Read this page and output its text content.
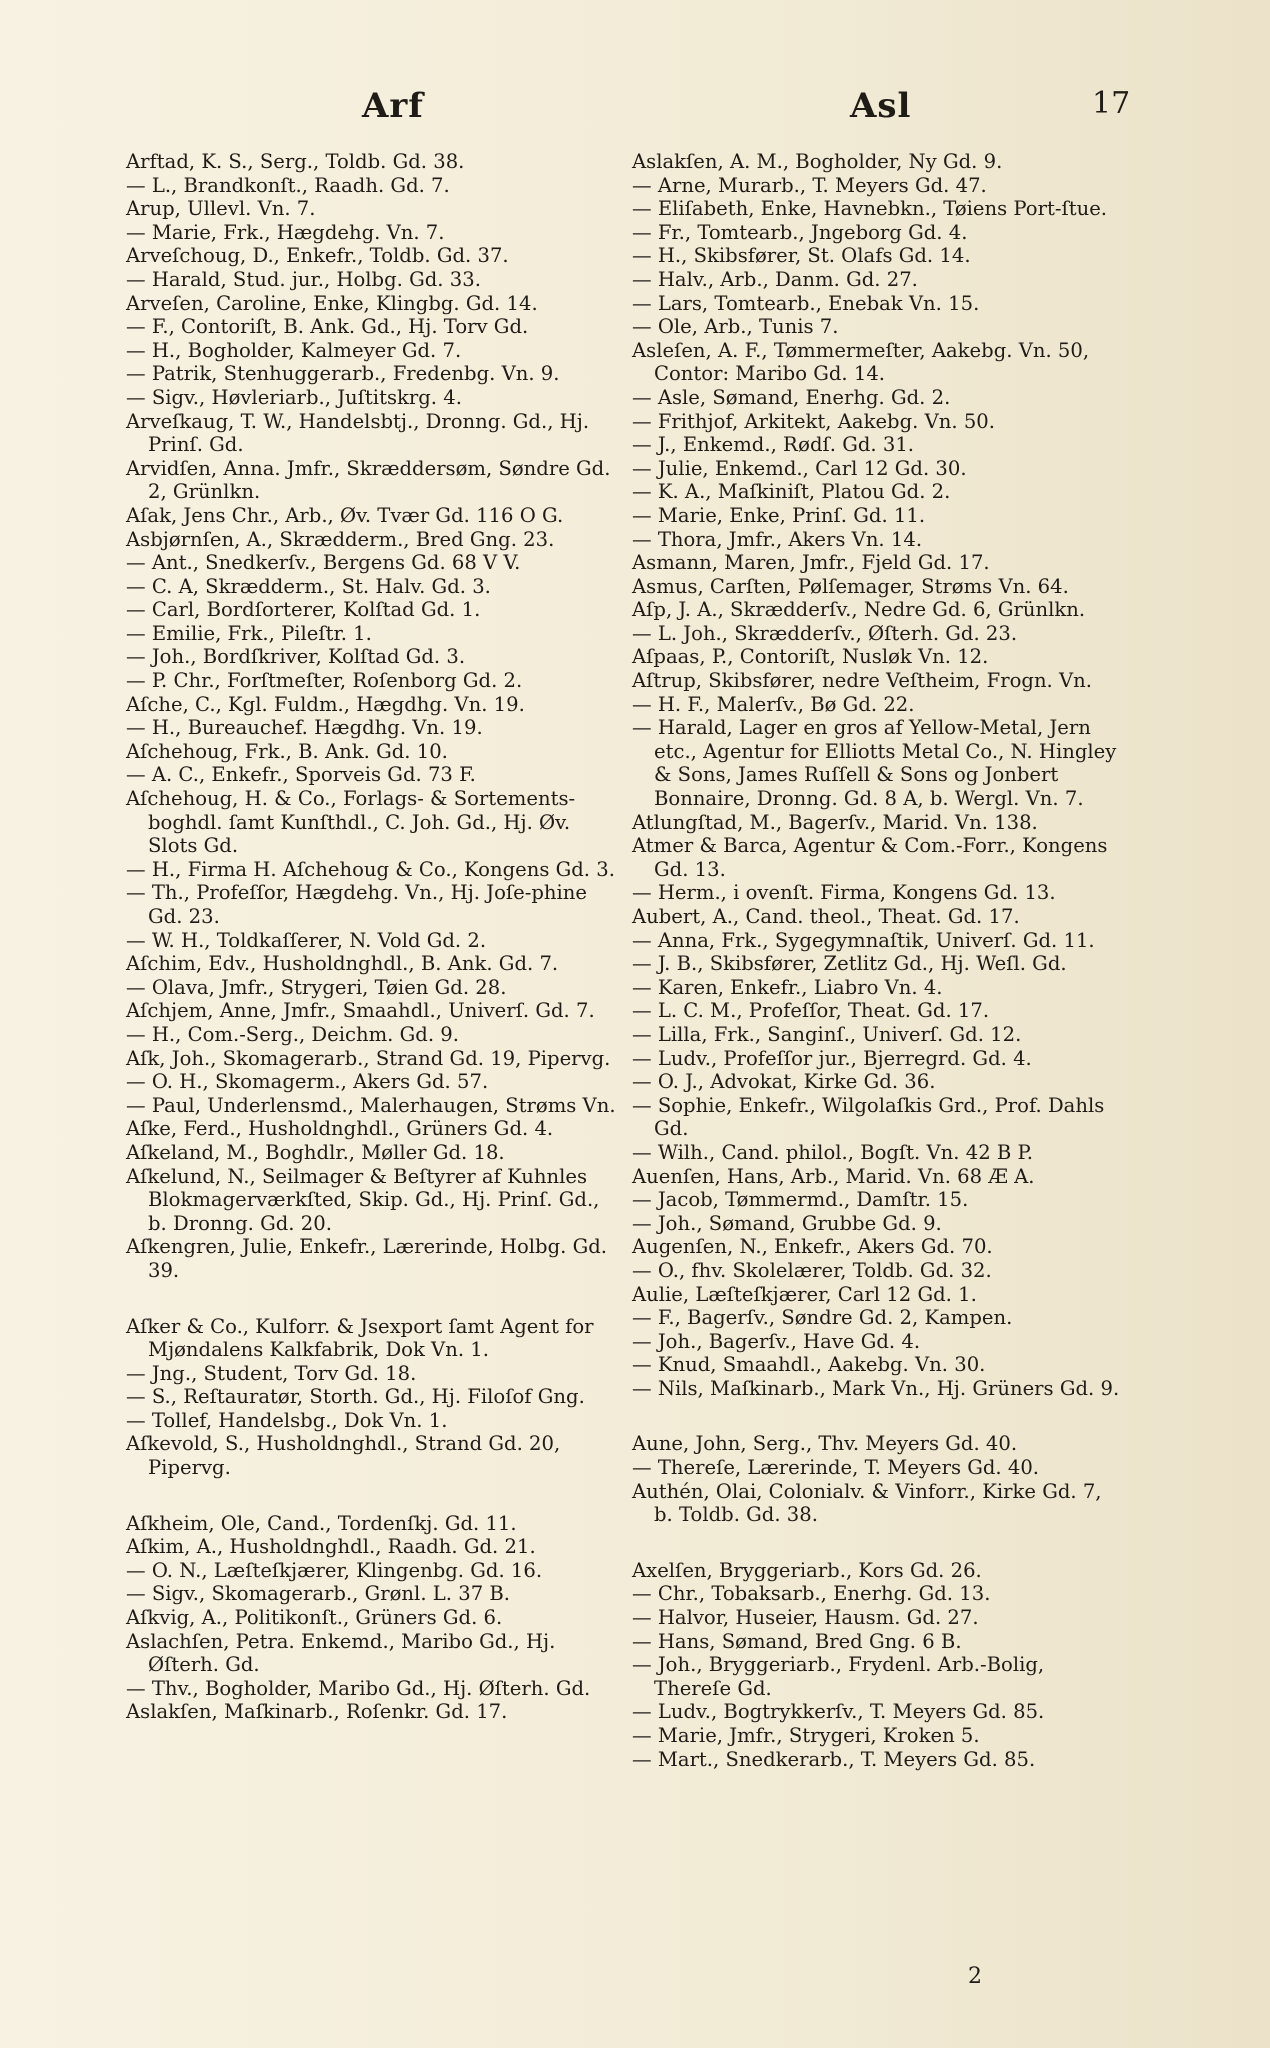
Arf	Asl	17
Arftad, K. S., Serg., Toldb. Gd. 38.
— L., Brandkonſt., Raadh. Gd. 7.
Arup, Ullevl. Vn. 7.
— Marie, Frk., Hægdehg. Vn. 7.
Arveſchoug, D., Enkefr., Toldb. Gd. 37.
— Harald, Stud. jur., Holbg. Gd. 33.
Arveſen, Caroline, Enke, Klingbg. Gd. 14.
— F., Contoriſt, B. Ank. Gd., Hj. Torv Gd.
— H., Bogholder, Kalmeyer Gd. 7.
— Patrik, Stenhuggerarb., Fredenbg. Vn. 9.
— Sigv., Høvleriarb., Juſtitskrg. 4.
Arveſkaug, T. W., Handelsbtj., Dronng. Gd., Hj. Prinſ. Gd.
Arvidſen, Anna. Jmfr., Skræddersøm, Søndre Gd. 2, Grünlkn.
Aſak, Jens Chr., Arb., Øv. Tvær Gd. 116 O G.
Asbjørnſen, A., Skrædderm., Bred Gng. 23.
— Ant., Snedkerſv., Bergens Gd. 68 V V.
— C. A, Skrædderm., St. Halv. Gd. 3.
— Carl, Bordſorterer, Kolſtad Gd. 1.
— Emilie, Frk., Pileſtr. 1.
— Joh., Bordſkriver, Kolſtad Gd. 3.
— P. Chr., Forſtmeſter, Roſenborg Gd. 2.
Aſche, C., Kgl. Fuldm., Hægdhg. Vn. 19.
— H., Bureauchef. Hægdhg. Vn. 19.
Aſchehoug, Frk., B. Ank. Gd. 10.
— A. C., Enkefr., Sporveis Gd. 73 F.
Aſchehoug, H. & Co., Forlags- & Sortements-boghdl. ſamt Kunſthdl., C. Joh. Gd., Hj. Øv. Slots Gd.
— H., Firma H. Aſchehoug & Co., Kongens Gd. 3.
— Th., Profeſſor, Hægdehg. Vn., Hj. Joſe-phine Gd. 23.
— W. H., Toldkaſſerer, N. Vold Gd. 2.
Aſchim, Edv., Husholdnghdl., B. Ank. Gd. 7.
— Olava, Jmfr., Strygeri, Tøien Gd. 28.
Aſchjem, Anne, Jmfr., Smaahdl., Univerſ. Gd. 7.
— H., Com.-Serg., Deichm. Gd. 9.
Aſk, Joh., Skomagerarb., Strand Gd. 19, Pipervg.
— O. H., Skomagerm., Akers Gd. 57.
— Paul, Underlensmd., Malerhaugen, Strøms Vn.
Aſke, Ferd., Husholdnghdl., Grüners Gd. 4.
Aſkeland, M., Boghdlr., Møller Gd. 18.
Aſkelund, N., Seilmager & Beſtyrer af Kuhnles Blokmagerværkſted, Skip. Gd., Hj. Prinſ. Gd., b. Dronng. Gd. 20.
Aſkengren, Julie, Enkefr., Lærerinde, Holbg. Gd. 39.
Aſker & Co., Kulforr. & Jsexport ſamt Agent for Mjøndalens Kalkfabrik, Dok Vn. 1.
— Jng., Student, Torv Gd. 18.
— S., Reſtauratør, Storth. Gd., Hj. Filoſof Gng.
— Tollef, Handelsbg., Dok Vn. 1.
Aſkevold, S., Husholdnghdl., Strand Gd. 20, Pipervg.
Aſkheim, Ole, Cand., Tordenſkj. Gd. 11.
Aſkim, A., Husholdnghdl., Raadh. Gd. 21.
— O. N., Læſteſkjærer, Klingenbg. Gd. 16.
— Sigv., Skomagerarb., Grønl. L. 37 B.
Aſkvig, A., Politikonſt., Grüners Gd. 6.
Aslachſen, Petra. Enkemd., Maribo Gd., Hj. Øſterh. Gd.
— Thv., Bogholder, Maribo Gd., Hj. Øſterh. Gd.
Aslakſen, Maſkinarb., Roſenkr. Gd. 17.
Aslakſen, A. M., Bogholder, Ny Gd. 9.
— Arne, Murarb., T. Meyers Gd. 47.
— Eliſabeth, Enke, Havnebkn., Tøiens Port-ſtue.
— Fr., Tomtearb., Jngeborg Gd. 4.
— H., Skibsfører, St. Olafs Gd. 14.
— Halv., Arb., Danm. Gd. 27.
— Lars, Tomtearb., Enebak Vn. 15.
— Ole, Arb., Tunis 7.
Asleſen, A. F., Tømmermeſter, Aakebg. Vn. 50, Contor: Maribo Gd. 14.
— Asle, Sømand, Enerhg. Gd. 2.
— Frithjof, Arkitekt, Aakebg. Vn. 50.
— J., Enkemd., Rødſ. Gd. 31.
— Julie, Enkemd., Carl 12 Gd. 30.
— K. A., Maſkiniſt, Platou Gd. 2.
— Marie, Enke, Prinſ. Gd. 11.
— Thora, Jmfr., Akers Vn. 14.
Asmann, Maren, Jmfr., Fjeld Gd. 17.
Asmus, Carſten, Pølſemager, Strøms Vn. 64.
Aſp, J. A., Skrædderſv., Nedre Gd. 6, Grünlkn.
— L. Joh., Skrædderſv., Øſterh. Gd. 23.
Aſpaas, P., Contoriſt, Nusløk Vn. 12.
Aſtrup, Skibsfører, nedre Veſtheim, Frogn. Vn.
— H. F., Malerſv., Bø Gd. 22.
— Harald, Lager en gros af Yellow-Metal, Jern etc., Agentur for Elliotts Metal Co., N. Hingley & Sons, James Ruſſell & Sons og Jonbert Bonnaire, Dronng. Gd. 8 A, b. Wergl. Vn. 7.
Atlungſtad, M., Bagerſv., Marid. Vn. 138.
Atmer & Barca, Agentur & Com.-Forr., Kongens Gd. 13.
— Herm., i ovenſt. Firma, Kongens Gd. 13.
Aubert, A., Cand. theol., Theat. Gd. 17.
— Anna, Frk., Sygegymnaſtik, Univerſ. Gd. 11.
— J. B., Skibsfører, Zetlitz Gd., Hj. Weſl. Gd.
— Karen, Enkefr., Liabro Vn. 4.
— L. C. M., Profeſſor, Theat. Gd. 17.
— Lilla, Frk., Sanginſ., Univerſ. Gd. 12.
— Ludv., Profeſſor jur., Bjerregrd. Gd. 4.
— O. J., Advokat, Kirke Gd. 36.
— Sophie, Enkefr., Wilgolaſkis Grd., Prof. Dahls Gd.
— Wilh., Cand. philol., Bogſt. Vn. 42 B P.
Auenſen, Hans, Arb., Marid. Vn. 68 Æ A.
— Jacob, Tømmermd., Damſtr. 15.
— Joh., Sømand, Grubbe Gd. 9.
Augenſen, N., Enkefr., Akers Gd. 70.
— O., fhv. Skolelærer, Toldb. Gd. 32.
Aulie, Læſteſkjærer, Carl 12 Gd. 1.
— F., Bagerſv., Søndre Gd. 2, Kampen.
— Joh., Bagerſv., Have Gd. 4.
— Knud, Smaahdl., Aakebg. Vn. 30.
— Nils, Maſkinarb., Mark Vn., Hj. Grüners Gd. 9.
Aune, John, Serg., Thv. Meyers Gd. 40.
— Thereſe, Lærerinde, T. Meyers Gd. 40.
Authén, Olai, Colonialv. & Vinforr., Kirke Gd. 7, b. Toldb. Gd. 38.
Axelſen, Bryggeriarb., Kors Gd. 26.
— Chr., Tobaksarb., Enerhg. Gd. 13.
— Halvor, Huseier, Hausm. Gd. 27.
— Hans, Sømand, Bred Gng. 6 B.
— Joh., Bryggeriarb., Frydenl. Arb.-Bolig, Thereſe Gd.
— Ludv., Bogtrykkerſv., T. Meyers Gd. 85.
— Marie, Jmfr., Strygeri, Kroken 5.
— Mart., Snedkerarb., T. Meyers Gd. 85.
2
